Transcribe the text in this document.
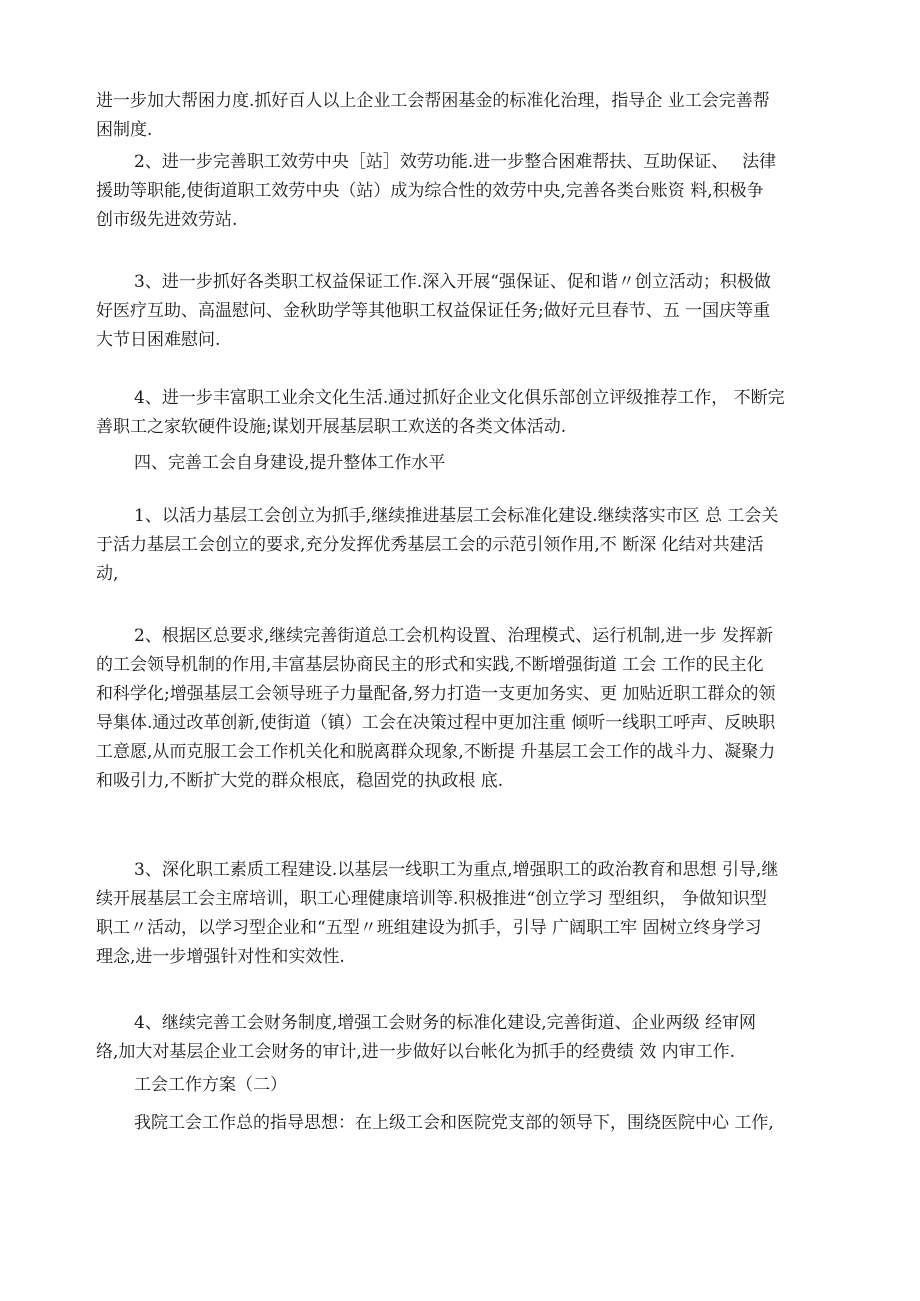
进一步加大帮困力度.抓好百人以上企业工会帮困基金的标准化治理，指导企 业工会完善帮
困制度.
2、进一步完善职工效劳中央［站］效劳功能.进一步整合困难帮扶、互助保证、　 法律
援助等职能,使街道职工效劳中央（站）成为综合性的效劳中央,完善各类台账资 料,积极争
创市级先进效劳站.
3、进一步抓好各类职工权益保证工作.深入开展“强保证、促和谐〃创立活动；积极做
好医疗互助、高温慰问、金秋助学等其他职工权益保证任务;做好元旦春节、五 一国庆等重
大节日困难慰问.
4、进一步丰富职工业余文化生活.通过抓好企业文化俱乐部创立评级推荐工作， 不断完
善职工之家软硬件设施;谋划开展基层职工欢送的各类文体活动.
四、完善工会自身建设,提升整体工作水平
1、以活力基层工会创立为抓手,继续推进基层工会标准化建设.继续落实市区 总 工会关
于活力基层工会创立的要求,充分发挥优秀基层工会的示范引领作用,不 断深 化结对共建活
动,
2、根据区总要求,继续完善街道总工会机构设置、治理模式、运行机制,进一步 发挥新
的工会领导机制的作用,丰富基层协商民主的形式和实践,不断增强街道 工会 工作的民主化
和科学化;增强基层工会领导班子力量配备,努力打造一支更加务实、更 加贴近职工群众的领
导集体.通过改革创新,使街道（镇）工会在决策过程中更加注重 倾听一线职工呼声、反映职
工意愿,从而克服工会工作机关化和脱离群众现象,不断提 升基层工会工作的战斗力、凝聚力
和吸引力,不断扩大党的群众根底，稳固党的执政根 底.
3、深化职工素质工程建设.以基层一线职工为重点,增强职工的政治教育和思想 引导,继
续开展基层工会主席培训，职工心理健康培训等.积极推进“创立学习 型组织， 争做知识型
职工〃活动，以学习型企业和“五型〃班组建设为抓手，引导 广阔职工牢 固树立终身学习
理念,进一步增强针对性和实效性.
4、继续完善工会财务制度,增强工会财务的标准化建设,完善街道、企业两级 经审网
络,加大对基层企业工会财务的审计,进一步做好以台帐化为抓手的经费绩 效 内审工作.
工会工作方案（二）
我院工会工作总的指导思想：在上级工会和医院党支部的领导下，围绕医院中心 工作,
